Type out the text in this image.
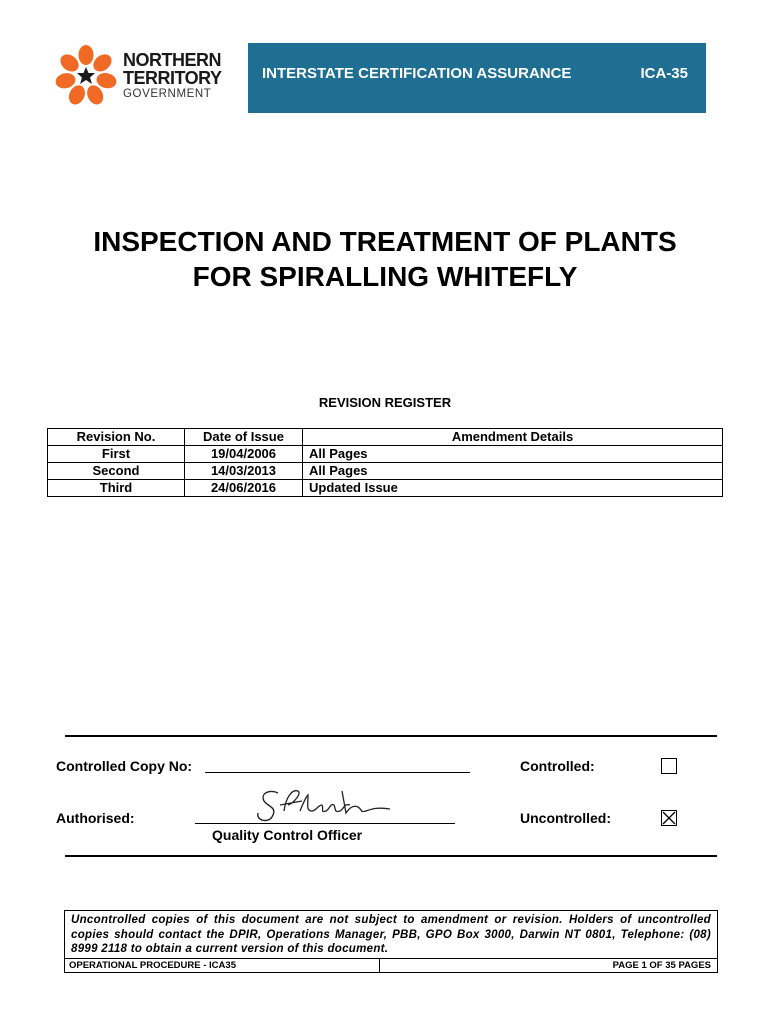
NORTHERN
TERRITORY
GOVERNMENT
INTERSTATE CERTIFICATION ASSURANCE	ICA-35
INSPECTION AND TREATMENT OF PLANTS
FOR SPIRALLING WHITEFLY
REVISION REGISTER
Revision No.	Date of Issue	Amendment Details
First	19/04/2006	All Pages
Second	14/03/2013	All Pages
Third	24/06/2016	Updated Issue
Controlled Copy No:	Controlled:
Authorised:
Quality Control Officer
Uncontrolled:
Uncontrolled copies of this document are not subject to amendment or revision. Holders of uncontrolled copies should contact the DPIR, Operations Manager, PBB, GPO Box 3000, Darwin NT 0801, Telephone: (08) 8999 2118 to obtain a current version of this document.
OPERATIONAL PROCEDURE - ICA35	PAGE 1 OF 35 PAGES
